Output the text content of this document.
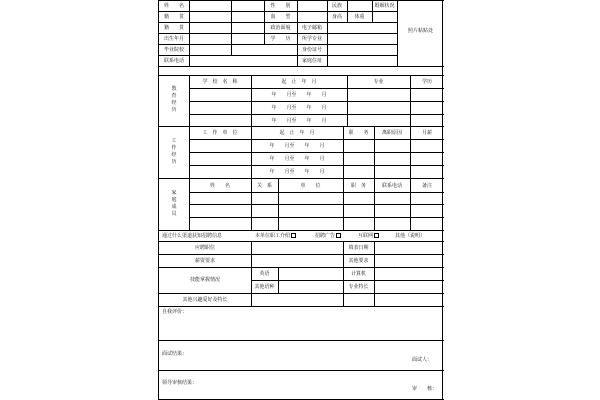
姓　　名	性　　别	民族	婚姻状况
籍　　贯	血　　型	身高	体重
籍　　贯	政治面貌	电子邮箱
出生年月	学　　历	所学专业
毕业院校	身份证号
联系电话	家庭住址
照片粘贴处
教
育
经
历
学　校　名　称	起　止　年　月	专业	学历
年　　月至　　年　　月
年　　月至　　年　　月
年　　月至　　年　　月
工
作
经
历
工　作　单　位	起　止　年　月	职　　务	离职原因	月薪
年　　月至　　年　　月
年　　月至　　年　　月
年　　月至　　年　　月
家
庭
成
员
姓　　名	关　系	单　　位	职　务	联系电话	备注
通过什么渠道获知招聘信息	本单位职工介绍	招聘广告	互联网	其他（说明）
应聘职位	填表日期
薪资要求	其他要求
技能掌握情况
英语	计算机
其他语种	专业特长
其他兴趣爱好及特长
自我评价：
面试结果：
面试人：
领导审核结果：
审　　核：
